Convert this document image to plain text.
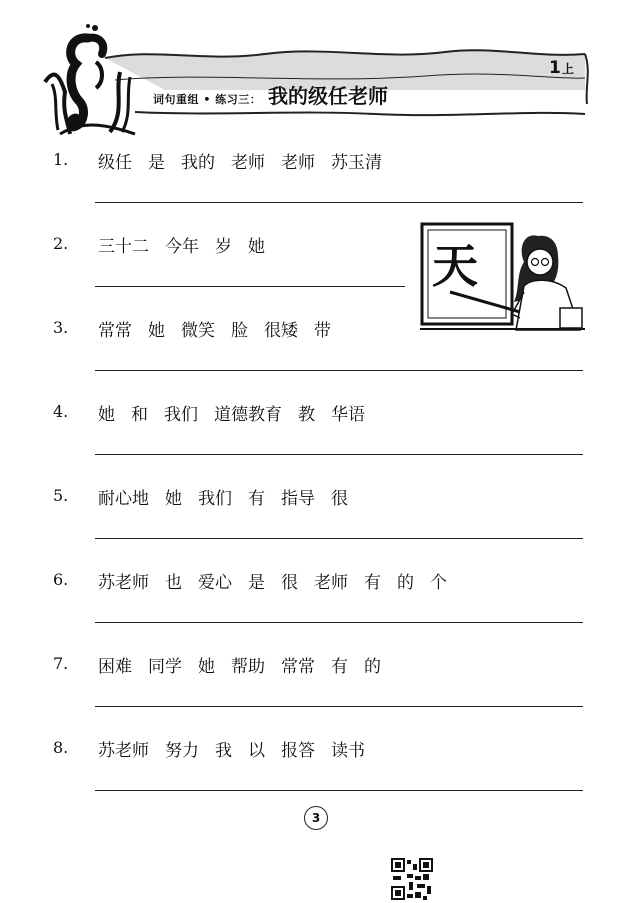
词句重组 • 练习三： 我的级任老师
1上
1. 级任 是 我的 老师 老师 苏玉清
2. 三十二 今年 岁 她
3. 常常 她 微笑 脸 很矮 带
4. 她 和 我们 道德教育 教 华语
5. 耐心地 她 我们 有 指导 很
6. 苏老师 也 爱心 是 很 老师 有 的 个
7. 困难 同学 她 帮助 常常 有 的
8. 苏老师 努力 我 以 报答 读书
天
3
